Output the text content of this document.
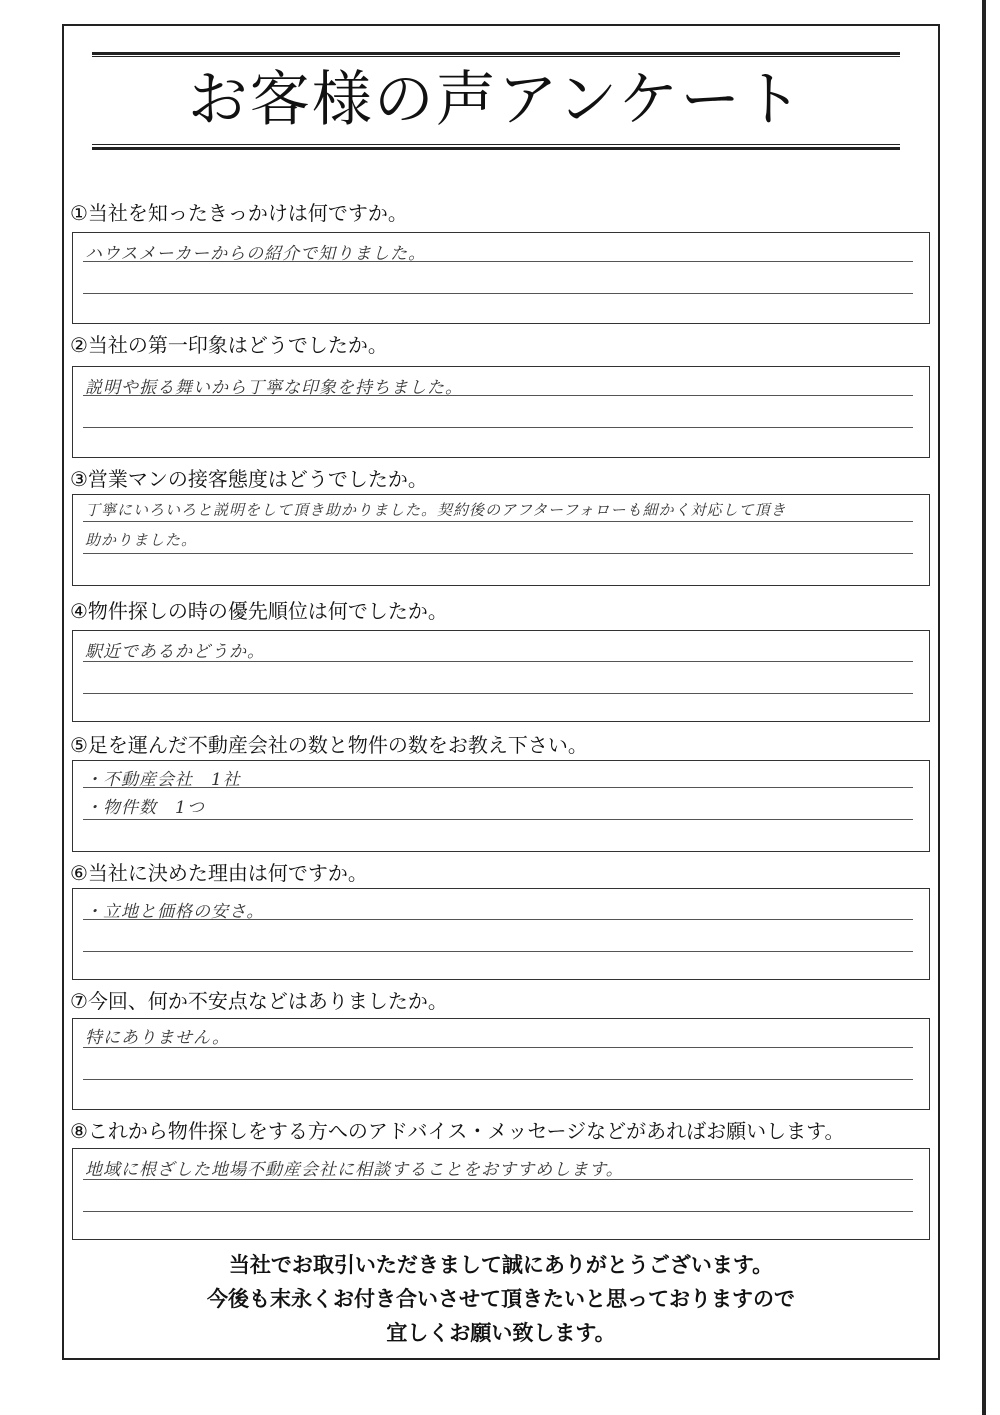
お客様の声アンケート
①当社を知ったきっかけは何ですか。
ハウスメーカーからの紹介で知りました。
②当社の第一印象はどうでしたか。
説明や振る舞いから丁寧な印象を持ちました。
③営業マンの接客態度はどうでしたか。
丁寧にいろいろと説明をして頂き助かりました。契約後のアフターフォローも細かく対応して頂き
助かりました。
④物件探しの時の優先順位は何でしたか。
駅近であるかどうか。
⑤足を運んだ不動産会社の数と物件の数をお教え下さい。
・不動産会社　1社
・物件数　1つ
⑥当社に決めた理由は何ですか。
・立地と価格の安さ。
⑦今回、何か不安点などはありましたか。
特にありません。
⑧これから物件探しをする方へのアドバイス・メッセージなどがあればお願いします。
地域に根ざした地場不動産会社に相談することをおすすめします。
当社でお取引いただきまして誠にありがとうございます。
今後も末永くお付き合いさせて頂きたいと思っておりますので
宜しくお願い致します。
